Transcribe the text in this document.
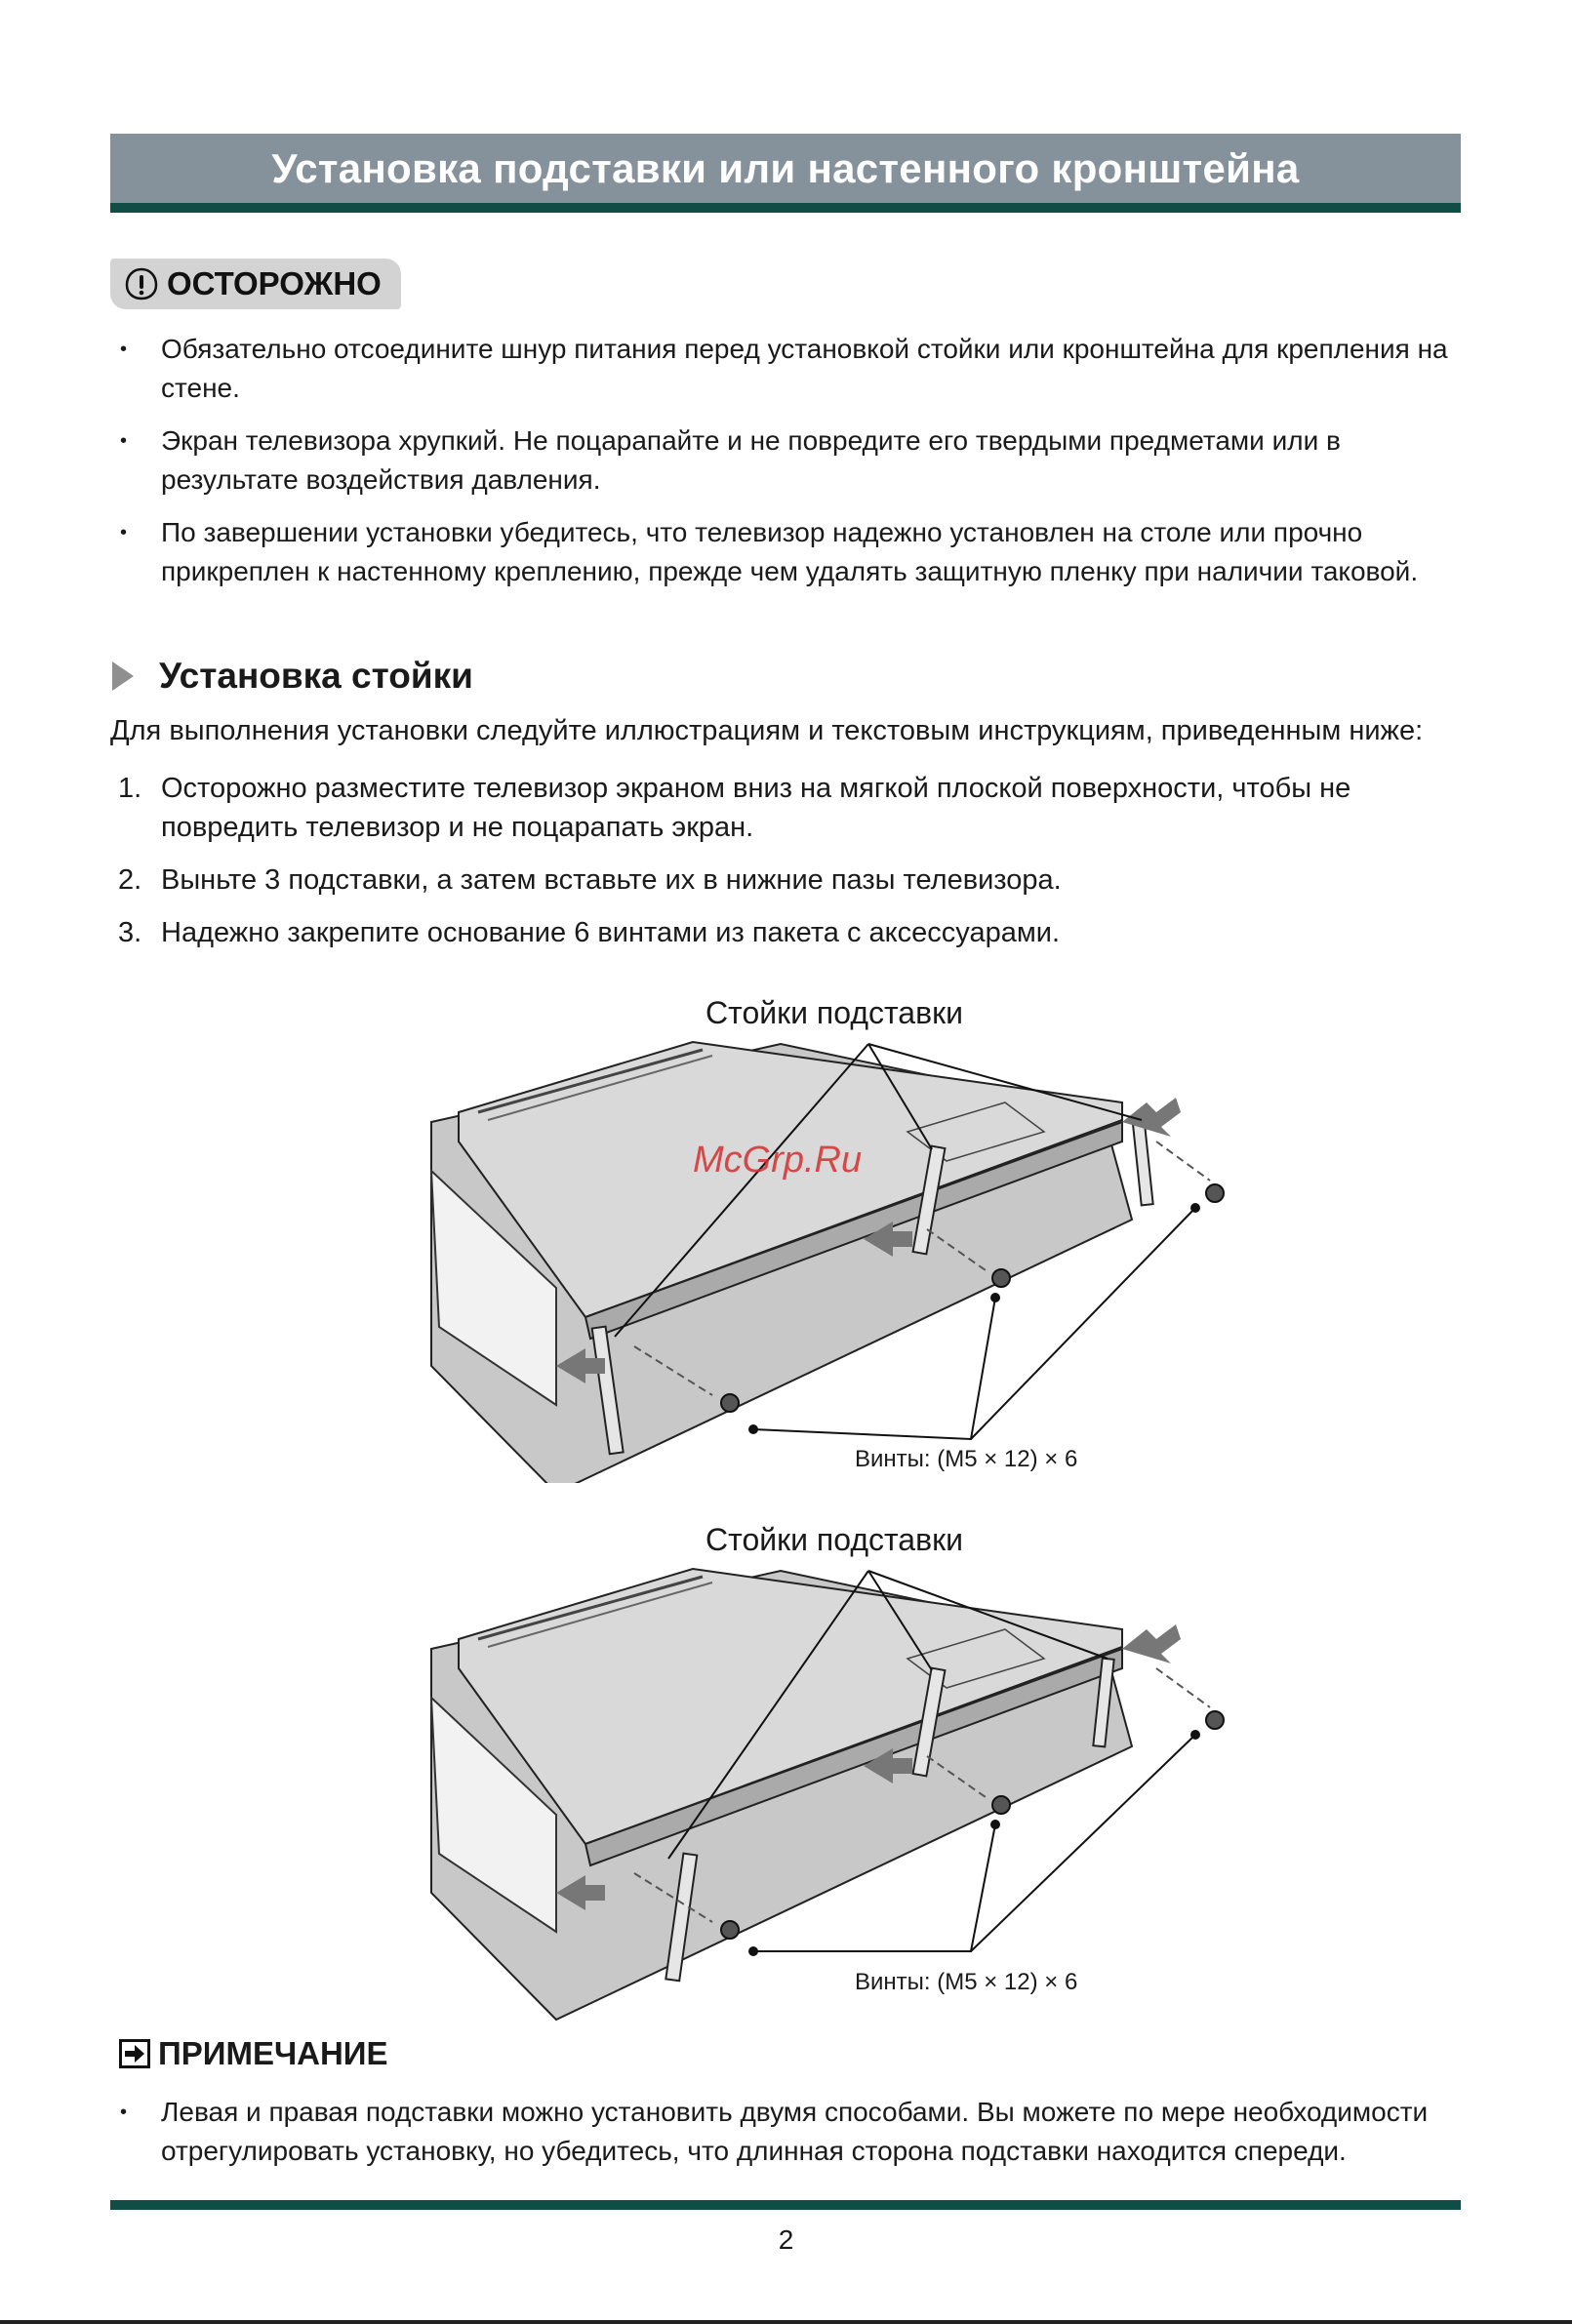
Установка подставки или настенного кронштейна
ОСТОРОЖНО
• Обязательно отсоедините шнур питания перед установкой стойки или кронштейна для крепления на стене.
• Экран телевизора хрупкий. Не поцарапайте и не повредите его твердыми предметами или в результате воздействия давления.
• По завершении установки убедитесь, что телевизор надежно установлен на столе или прочно прикреплен к настенному креплению, прежде чем удалять защитную пленку при наличии таковой.
Установка стойки

Для выполнения установки следуйте иллюстрациям и текстовым инструкциям, приведенным ниже:

1. Осторожно разместите телевизор экраном вниз на мягкой плоской поверхности, чтобы не повредить телевизор и не поцарапать экран.
2. Выньте 3 подставки, а затем вставьте их в нижние пазы телевизора.
3. Надежно закрепите основание 6 винтами из пакета с аксессуарами.
Стойки подставки
Винты: (M5 × 12) × 6
McGrp.Ru
Стойки подставки
Винты: (M5 × 12) × 6
ПРИМЕЧАНИЕ
• Левая и правая подставки можно установить двумя способами. Вы можете по мере необходимости отрегулировать установку, но убедитесь, что длинная сторона подставки находится спереди.
2
